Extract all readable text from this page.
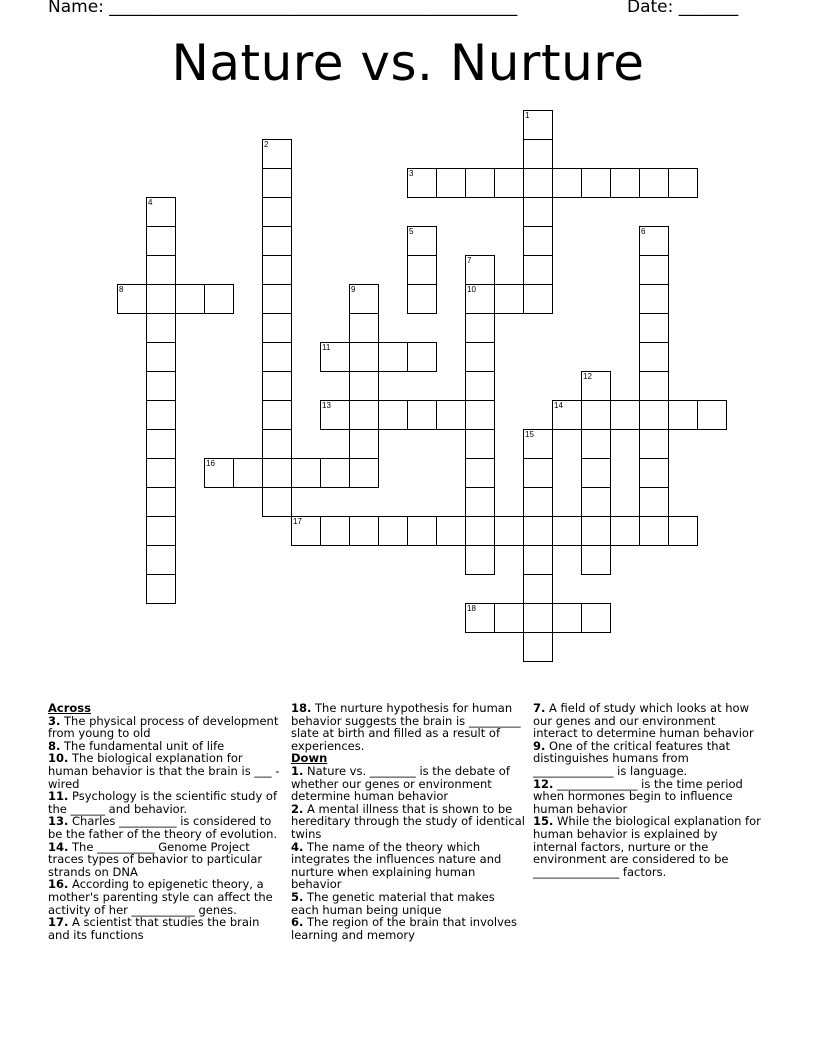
Name: ________________________________________________	Date: _______
Nature vs. Nurture
1
2
3
4
5	6
7
8	9	10
11
12
13	14
15
16
17
18
Across
3. The physical process of development from young to old
8. The fundamental unit of life
10. The biological explanation for human behavior is that the brain is ___ - wired
11. Psychology is the scientific study of the ______ and behavior.
13. Charles __________ is considered to be the father of the theory of evolution.
14. The __________ Genome Project traces types of behavior to particular strands on DNA
16. According to epigenetic theory, a mother's parenting style can affect the activity of her ___________ genes.
17. A scientist that studies the brain and its functions
18. The nurture hypothesis for human behavior suggests the brain is _________ slate at birth and filled as a result of experiences.
Down
1. Nature vs. ________ is the debate of whether our genes or environment determine human behavior
2. A mental illness that is shown to be hereditary through the study of identical twins
4. The name of the theory which integrates the influences nature and nurture when explaining human behavior
5. The genetic material that makes each human being unique
6. The region of the brain that involves learning and memory
7. A field of study which looks at how our genes and our environment interact to determine human behavior
9. One of the critical features that distinguishes humans from ______________ is language.
12. ______________ is the time period when hormones begin to influence human behavior
15. While the biological explanation for human behavior is explained by internal factors, nurture or the environment are considered to be _______________ factors.
